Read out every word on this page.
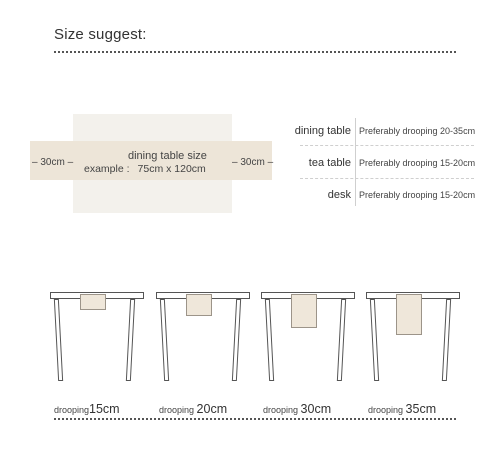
Size suggest:
– 30cm –	– 30cm –
dining table size
example : 75cm x 120cm
dining table Preferably drooping 20-35cm
tea table Preferably drooping 15-20cm
desk Preferably drooping 15-20cm
drooping15cm	drooping 20cm	drooping 30cm	drooping 35cm
